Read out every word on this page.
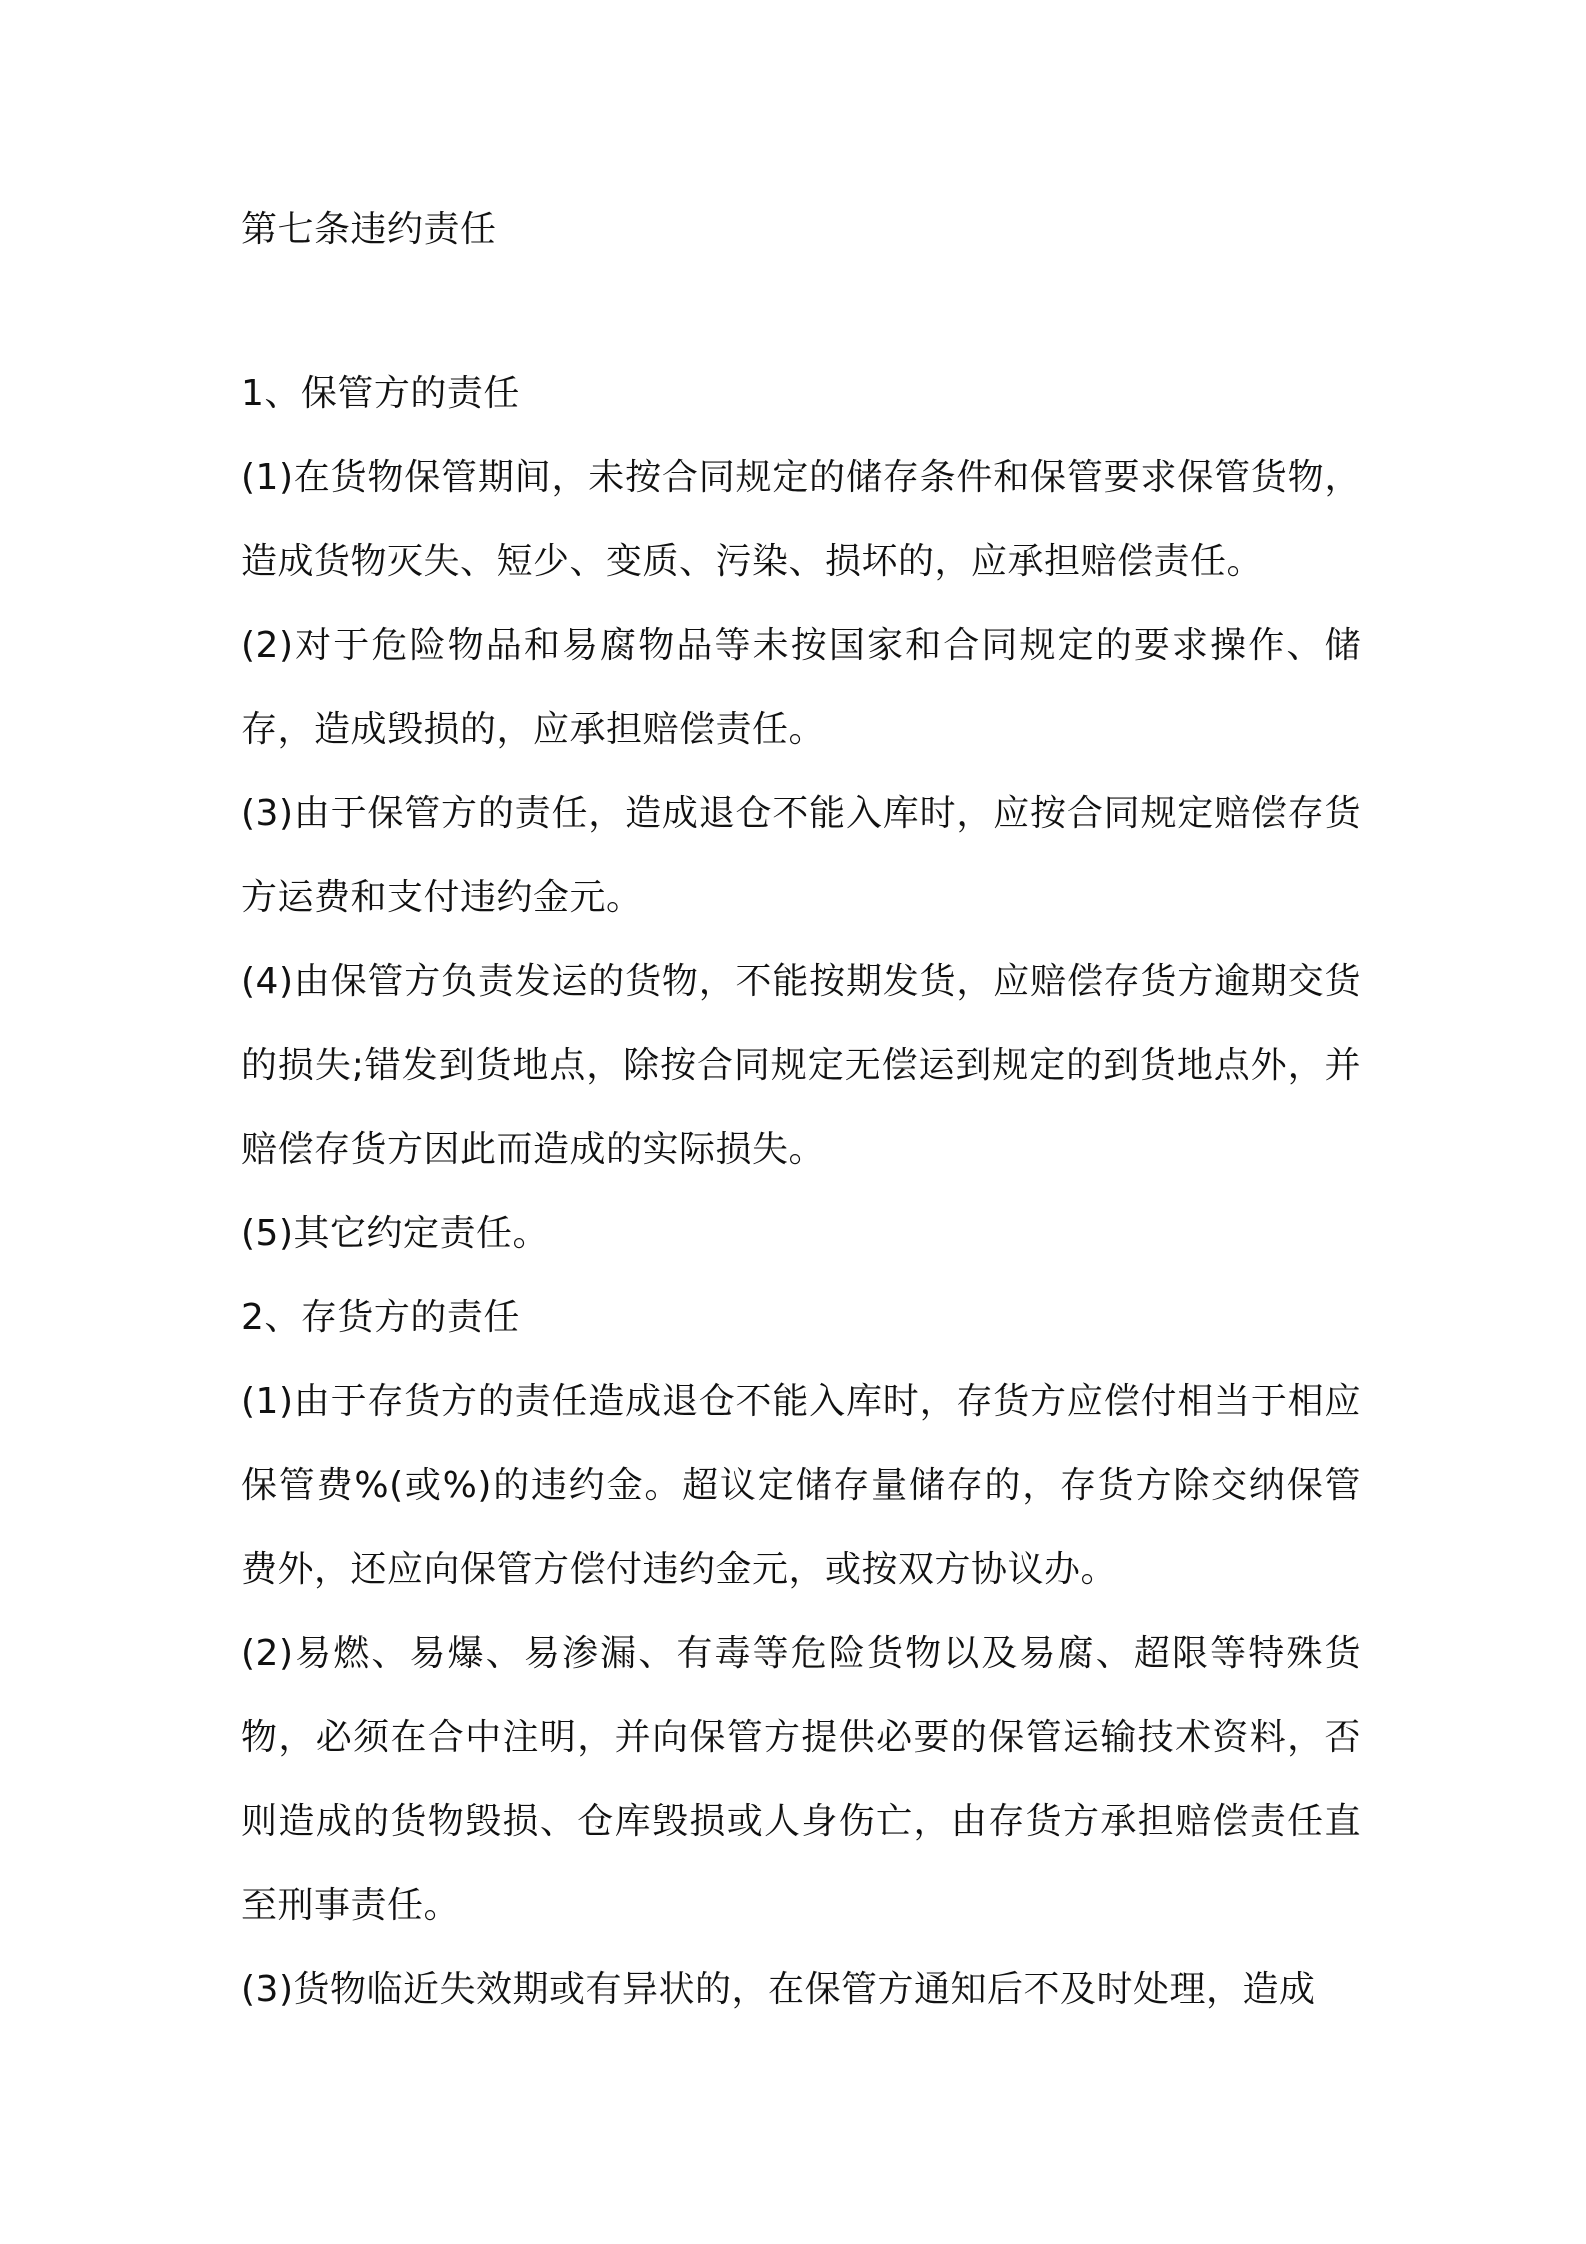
第七条违约责任
1、保管方的责任

(1)在货物保管期间，未按合同规定的储存条件和保管要求保管货物，造成货物灭失、短少、变质、污染、损坏的，应承担赔偿责任。

(2)对于危险物品和易腐物品等未按国家和合同规定的要求操作、储存，造成毁损的，应承担赔偿责任。

(3)由于保管方的责任，造成退仓不能入库时，应按合同规定赔偿存货方运费和支付违约金元。

(4)由保管方负责发运的货物，不能按期发货，应赔偿存货方逾期交货的损失;错发到货地点，除按合同规定无偿运到规定的到货地点外，并赔偿存货方因此而造成的实际损失。

(5)其它约定责任。

2、存货方的责任

(1)由于存货方的责任造成退仓不能入库时，存货方应偿付相当于相应保管费%(或%)的违约金。超议定储存量储存的，存货方除交纳保管费外，还应向保管方偿付违约金元，或按双方协议办。

(2)易燃、易爆、易渗漏、有毒等危险货物以及易腐、超限等特殊货物，必须在合中注明，并向保管方提供必要的保管运输技术资料，否则造成的货物毁损、仓库毁损或人身伤亡，由存货方承担赔偿责任直至刑事责任。

(3)货物临近失效期或有异状的，在保管方通知后不及时处理，造成
